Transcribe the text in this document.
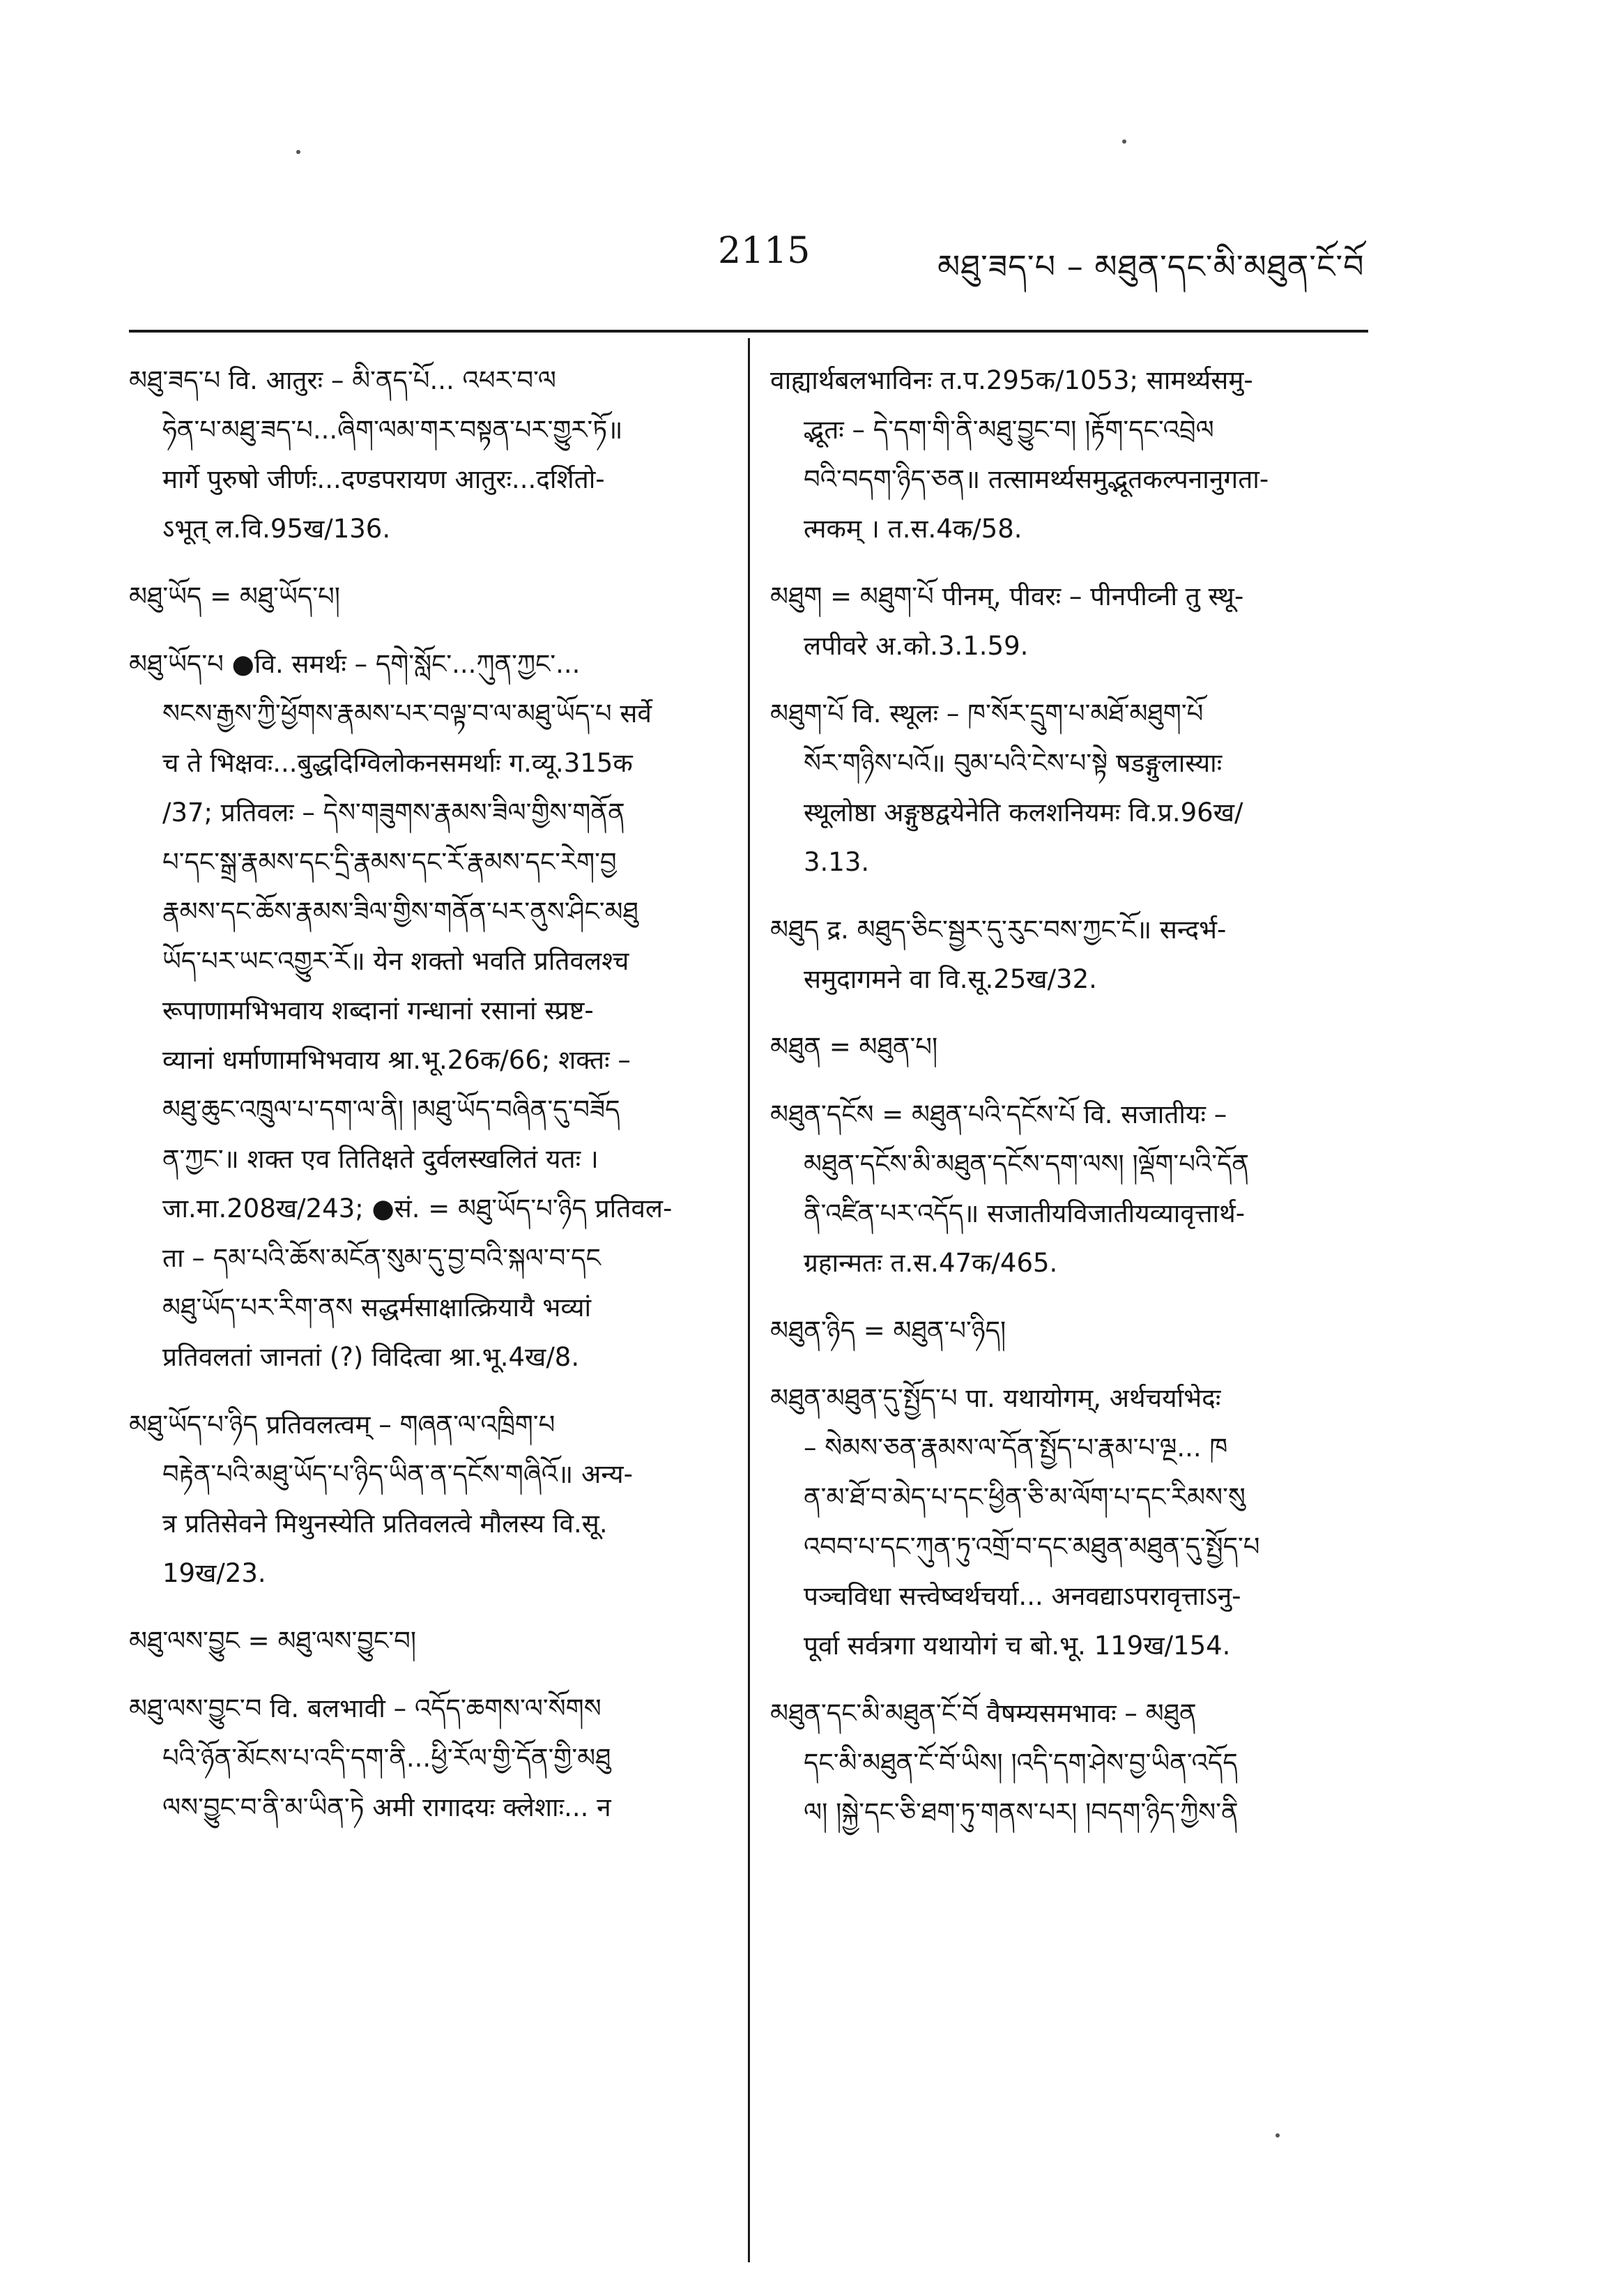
2115	མཐུ་ཟད་པ – མཐུན་དང་མི་མཐུན་ངོ་བོ
མཐུ་ཟད་པ वि. आतुरः – མི་ནད་པོ... འཕར་བ་ལ
ཧེན་པ་མཐུ་ཟད་པ...ཞིག་ལམ་གར་བསྟན་པར་གྱུར་ཏོ॥
मार्गे पुरुषो जीर्णः...दण्डपरायण आतुरः...दर्शितो-
ऽभूत् ल.वि.95ख/136.
མཐུ་ཡོད = མཐུ་ཡོད་པ།
མཐུ་ཡོད་པ ●वि. समर्थः – དགེ་སློང་...ཀུན་ཀྱང་...
སངས་རྒྱས་ཀྱི་ཕྱོགས་རྣམས་པར་བལྟ་བ་ལ་མཐུ་ཡོད་པ सर्वे
च ते भिक्षवः...बुद्धदिग्विलोकनसमर्थाः ग.व्यू.315क
/37; प्रतिवलः – དེས་གཟུགས་རྣམས་ཟིལ་གྱིས་གནོན
པ་དང་སྒྲ་རྣམས་དང་དྲི་རྣམས་དང་རོ་རྣམས་དང་རེག་བྱ
རྣམས་དང་ཆོས་རྣམས་ཟིལ་གྱིས་གནོན་པར་ནུས་ཤིང་མཐུ
ཡོད་པར་ཡང་འགྱུར་རོ॥ येन शक्तो भवति प्रतिवलश्च
रूपाणामभिभवाय शब्दानां गन्धानां रसानां स्प्रष्ट-
व्यानां धर्माणामभिभवाय श्रा.भू.26क/66; शक्तः –
མཐུ་ཆུང་འཁྲུལ་པ་དག་ལ་ནི། །མཐུ་ཡོད་བཞིན་དུ་བཟོད
ན་ཀྱང་॥ शक्त एव तितिक्षते दुर्वलस्खलितं यतः ।
जा.मा.208ख/243; ●सं. = མཐུ་ཡོད་པ་ཉིད प्रतिवल-
ता – དམ་པའི་ཆོས་མངོན་སུམ་དུ་བྱ་བའི་སྐལ་བ་དང
མཐུ་ཡོད་པར་རིག་ནས सद्धर्मसाक्षात्क्रियायै भव्यां
प्रतिवलतां जानतां (?) विदित्वा श्रा.भू.4ख/8.
མཐུ་ཡོད་པ་ཉིད प्रतिवलत्वम् – གཞན་ལ་འཁྲིག་པ
བརྟེན་པའི་མཐུ་ཡོད་པ་ཉིད་ཡིན་ན་དངོས་གཞིའོ॥ अन्य-
त्र प्रतिसेवने मिथुनस्येति प्रतिवलत्वे मौलस्य वि.सू.
19ख/23.
མཐུ་ལས་བྱུང = མཐུ་ལས་བྱུང་བ།
མཐུ་ལས་བྱུང་བ वि. बलभावी – འདོད་ཆགས་ལ་སོགས
པའི་ཉོན་མོངས་པ་འདི་དག་ནི...ཕྱི་རོལ་གྱི་དོན་གྱི་མཐུ
ལས་བྱུང་བ་ནི་མ་ཡིན་ཏེ अमी रागादयः क्लेशाः... न
वाह्यार्थबलभाविनः त.प.295क/1053; सामर्थ्यसमु-
द्भूतः – དེ་དག་གི་ནི་མཐུ་བྱུང་བ། །རྟོག་དང་འབྲེལ
བའི་བདག་ཉིད་ཅན॥ तत्सामर्थ्यसमुद्भूतकल्पनानुगता-
त्मकम् । त.स.4क/58.
མཐུག = མཐུག་པོ पीनम्, पीवरः – पीनपीव्नी तु स्थू-
लपीवरे अ.को.3.1.59.
མཐུག་པོ वि. स्थूलः – ཁ་སོར་དྲུག་པ་མཐོ་མཐུག་པོ
སོར་གཉིས་པའོ॥ བུམ་པའི་ངེས་པ་སྟེ षडङ्गुलास्याः
स्थूलोष्ठा अङ्गुष्ठद्वयेनेति कलशनियमः वि.प्र.96ख/
3.13.
མཐུད द्र. མཐུད་ཅིང་སྦྱར་དུ་རུང་བས་ཀྱང་ངོ॥ सन्दर्भ-
समुदागमने वा वि.सू.25ख/32.
མཐུན = མཐུན་པ།
མཐུན་དངོས = མཐུན་པའི་དངོས་པོ वि. सजातीयः –
མཐུན་དངོས་མི་མཐུན་དངོས་དག་ལས། །ལྡོག་པའི་དོན
ནི་འཛིན་པར་འདོད॥ सजातीयविजातीयव्यावृत्तार्थ-
ग्रहान्मतः त.स.47क/465.
མཐུན་ཉིད = མཐུན་པ་ཉིད།
མཐུན་མཐུན་དུ་སྤྱོད་པ पा. यथायोगम्, अर्थचर्याभेदः
– སེམས་ཅན་རྣམས་ལ་དོན་སྤྱོད་པ་རྣམ་པ་ལྔ... ཁ
ན་མ་ཐོ་བ་མེད་པ་དང་ཕྱིན་ཅི་མ་ལོག་པ་དང་རིམས་སུ
འབབ་པ་དང་ཀུན་ཏུ་འགྲོ་བ་དང་མཐུན་མཐུན་དུ་སྤྱོད་པ
पञ्चविधा सत्त्वेष्वर्थचर्या... अनवद्याऽपरावृत्ताऽनु-
पूर्वा सर्वत्रगा यथायोगं च बो.भू. 119ख/154.
མཐུན་དང་མི་མཐུན་ངོ་བོ वैषम्यसमभावः – མཐུན
དང་མི་མཐུན་ངོ་བོ་ཡིས། །འདི་དག་ཤེས་བྱ་ཡིན་འདོད
ལ། །སྐྱེ་དང་ཅི་ཐག་ཏུ་གནས་པར། །བདག་ཉིད་ཀྱིས་ནི
